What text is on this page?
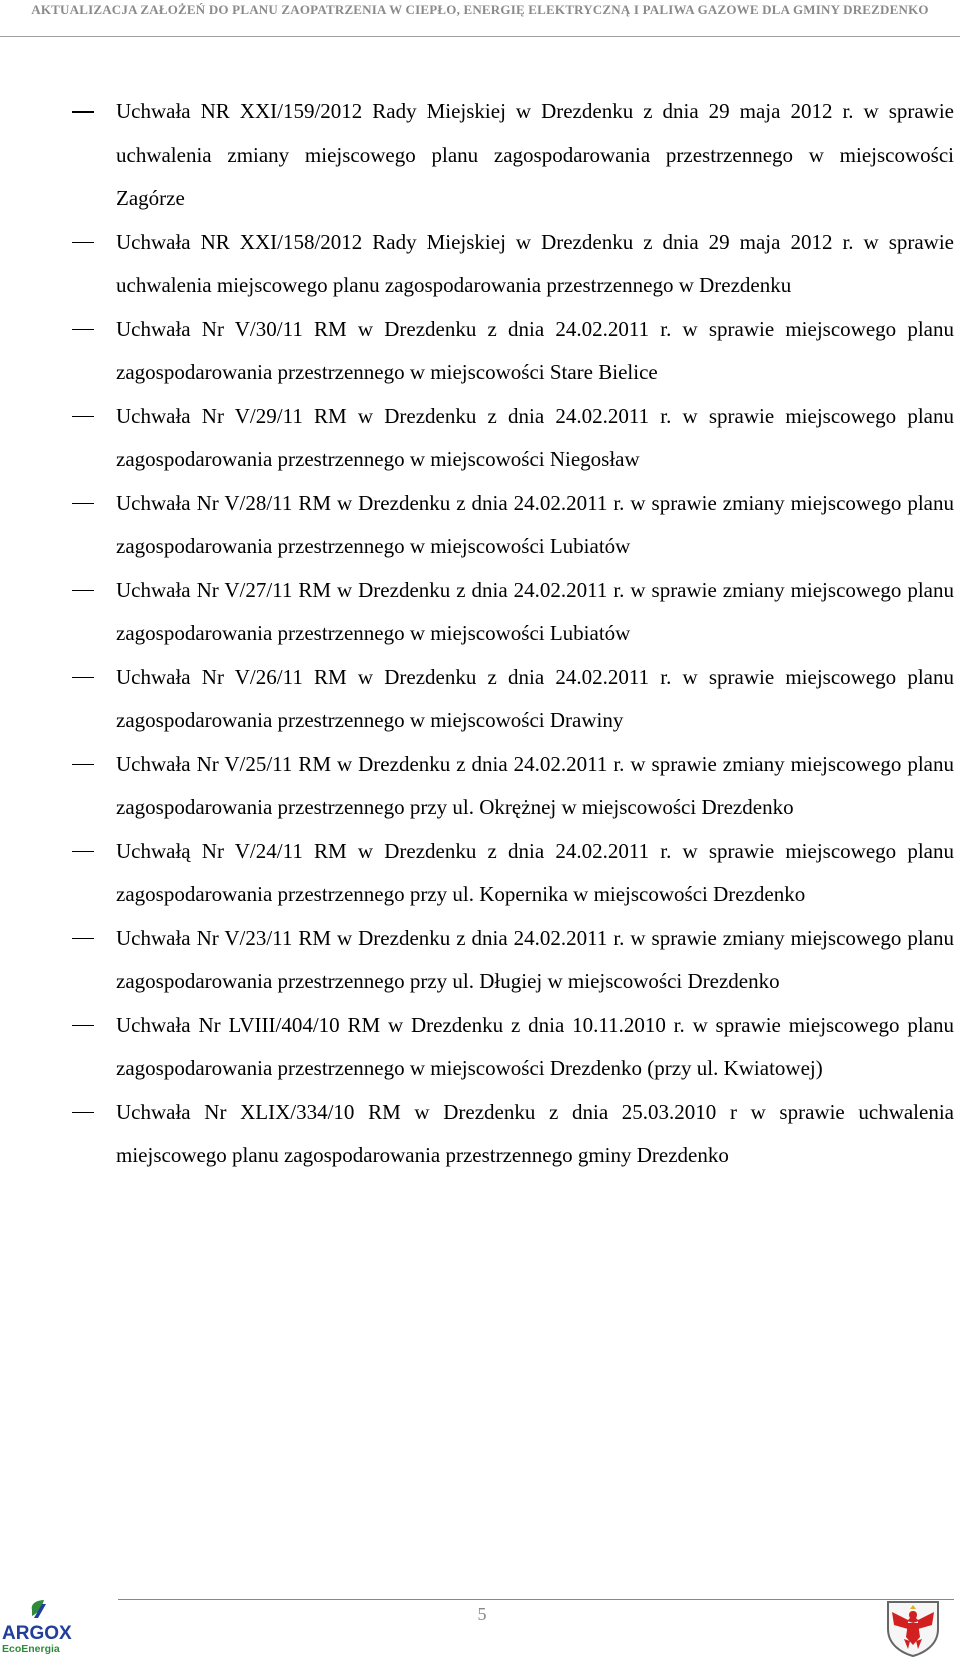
AKTUALIZACJA ZAŁOŻEŃ DO PLANU ZAOPATRZENIA W CIEPŁO, ENERGIĘ ELEKTRYCZNĄ I PALIWA GAZOWE DLA GMINY DREZDENKO
Uchwała NR XXI/159/2012 Rady Miejskiej w Drezdenku z dnia 29 maja 2012 r. w sprawie uchwalenia zmiany miejscowego planu zagospodarowania przestrzennego w miejscowości Zagórze
Uchwała NR XXI/158/2012 Rady Miejskiej w Drezdenku z dnia 29 maja 2012 r. w sprawie uchwalenia miejscowego planu zagospodarowania przestrzennego w Drezdenku
Uchwała Nr V/30/11 RM w Drezdenku z dnia 24.02.2011 r. w sprawie miejscowego planu zagospodarowania przestrzennego w miejscowości Stare Bielice
Uchwała Nr V/29/11 RM w Drezdenku z dnia 24.02.2011 r. w sprawie miejscowego planu zagospodarowania przestrzennego w miejscowości Niegosław
Uchwała Nr V/28/11 RM w Drezdenku z dnia 24.02.2011 r. w sprawie zmiany miejscowego planu zagospodarowania przestrzennego w miejscowości Lubiatów
Uchwała Nr V/27/11 RM w Drezdenku z dnia 24.02.2011 r. w sprawie zmiany miejscowego planu zagospodarowania przestrzennego w miejscowości Lubiatów
Uchwała Nr V/26/11 RM w Drezdenku z dnia 24.02.2011 r. w sprawie miejscowego planu zagospodarowania przestrzennego w miejscowości Drawiny
Uchwała Nr V/25/11 RM w Drezdenku z dnia 24.02.2011 r. w sprawie zmiany miejscowego planu zagospodarowania przestrzennego przy ul. Okrężnej w miejscowości Drezdenko
Uchwałą Nr V/24/11 RM w Drezdenku z dnia 24.02.2011 r. w sprawie miejscowego planu zagospodarowania przestrzennego przy ul. Kopernika w miejscowości Drezdenko
Uchwała Nr V/23/11 RM w Drezdenku z dnia 24.02.2011 r. w sprawie zmiany miejscowego planu zagospodarowania przestrzennego przy ul. Długiej w miejscowości Drezdenko
Uchwała Nr LVIII/404/10 RM w Drezdenku z dnia 10.11.2010 r. w sprawie miejscowego planu zagospodarowania przestrzennego w miejscowości Drezdenko (przy ul. Kwiatowej)
Uchwała Nr XLIX/334/10 RM w Drezdenku z dnia 25.03.2010 r w sprawie uchwalenia miejscowego planu zagospodarowania przestrzennego gminy Drezdenko
5
ARGOX
EcoEnergia
